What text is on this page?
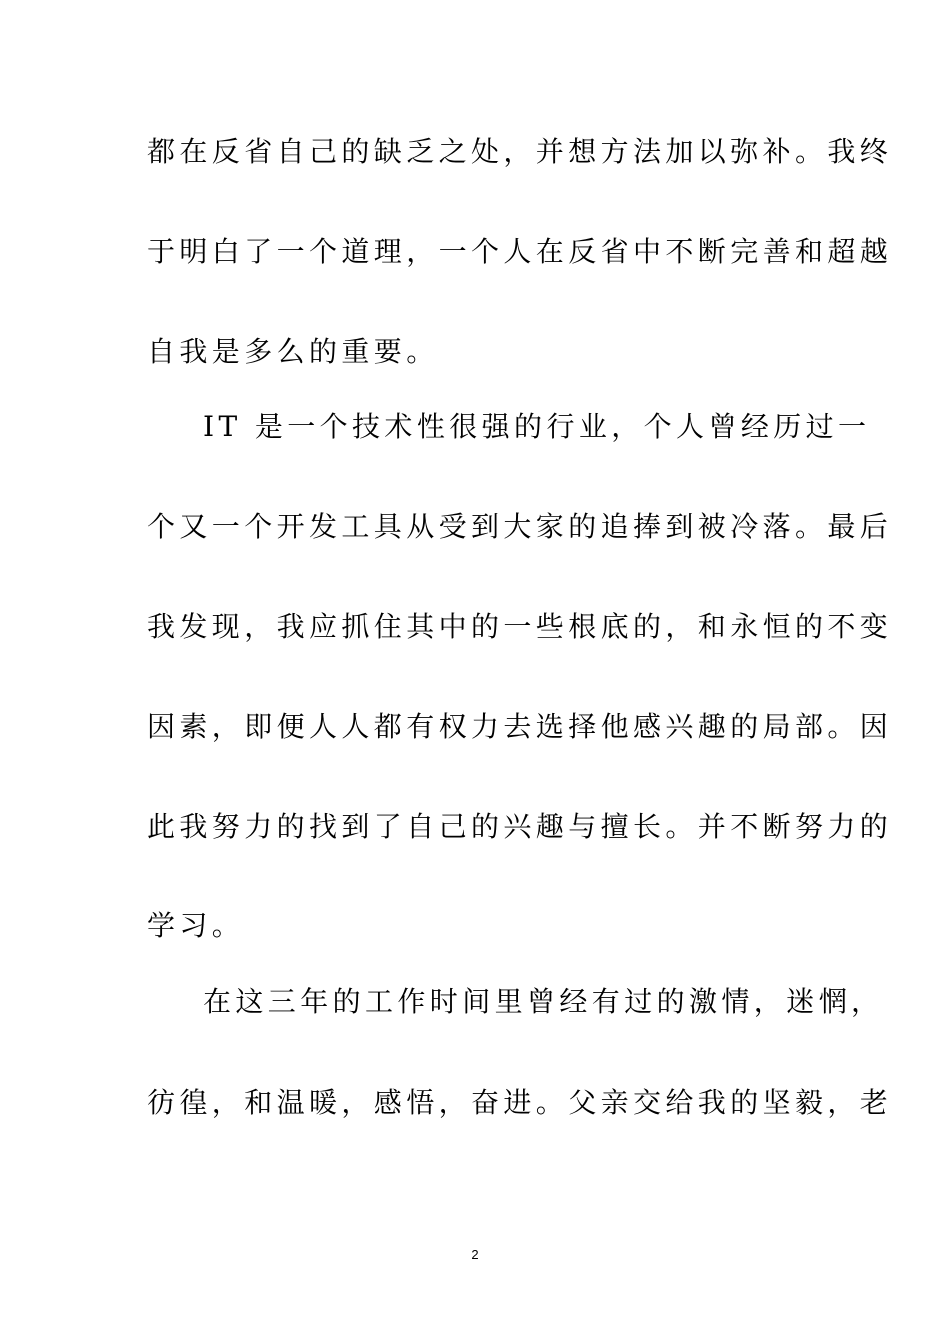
都在反省自己的缺乏之处，并想方法加以弥补。我终
于明白了一个道理，一个人在反省中不断完善和超越
自我是多么的重要。
IT 是一个技术性很强的行业，个人曾经历过一
个又一个开发工具从受到大家的追捧到被冷落。最后
我发现，我应抓住其中的一些根底的，和永恒的不变
因素，即便人人都有权力去选择他感兴趣的局部。因
此我努力的找到了自己的兴趣与擅长。并不断努力的
学习。
在这三年的工作时间里曾经有过的激情，迷惘，
彷徨，和温暖，感悟，奋进。父亲交给我的坚毅，老
2
